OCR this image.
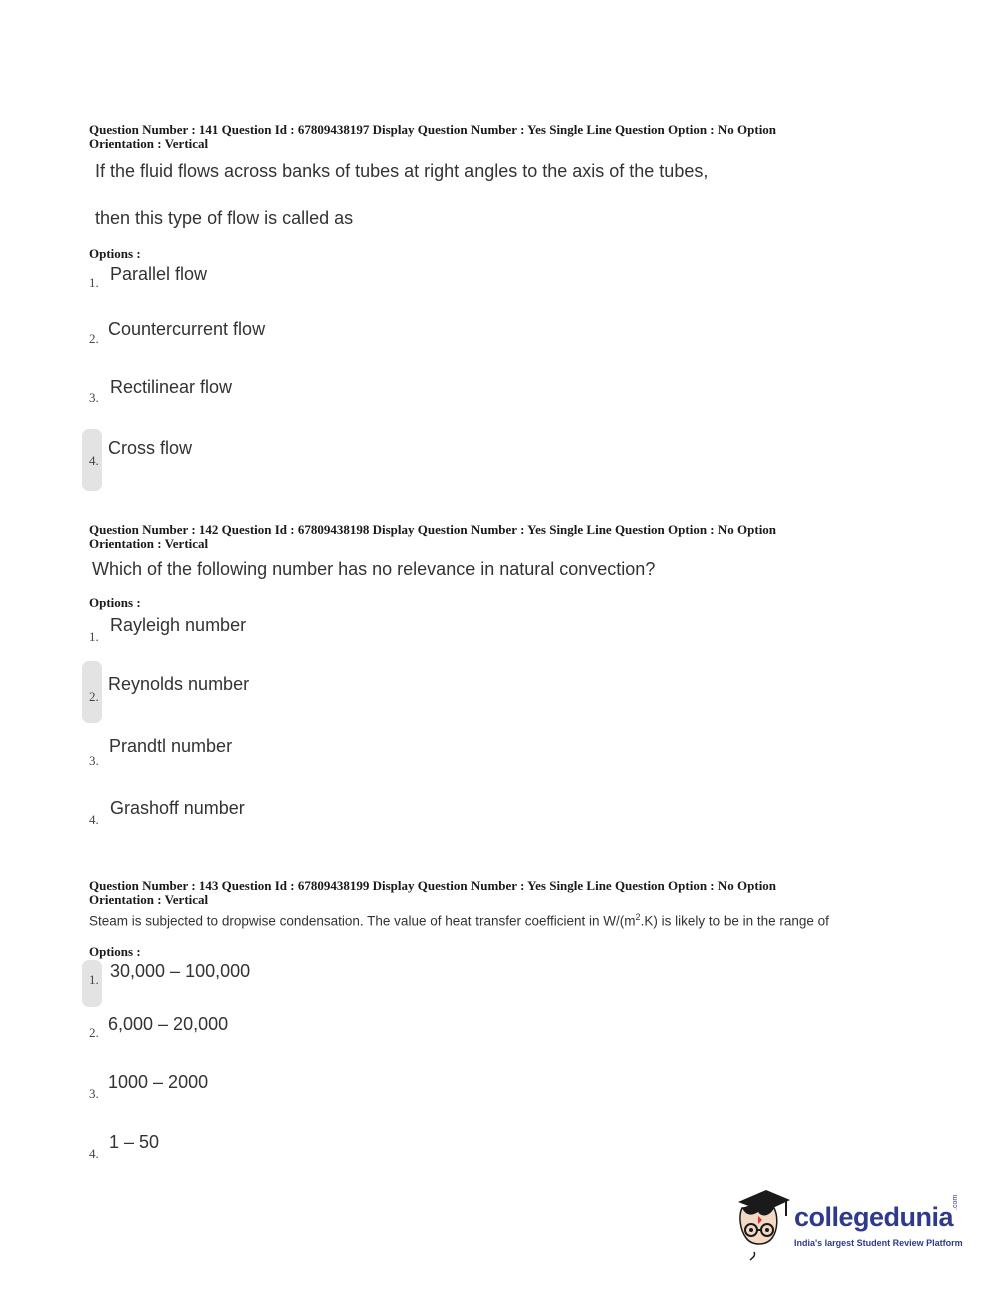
Question Number : 141 Question Id : 67809438197 Display Question Number : Yes Single Line Question Option : No Option
Orientation : Vertical
If the fluid flows across banks of tubes at right angles to the axis of the tubes,
then this type of flow is called as
Options :
1. Parallel flow
2. Countercurrent flow
3.
Rectilinear flow
4.
Cross flow
Question Number : 142 Question Id : 67809438198 Display Question Number : Yes Single Line Question Option : No Option
Orientation : Vertical
Which of the following number has no relevance in natural convection?
Options :
1.
Rayleigh number
2.
Reynolds number
3.
Prandtl number
4.
Grashoff number
Question Number : 143 Question Id : 67809438199 Display Question Number : Yes Single Line Question Option : No Option
Orientation : Vertical
Steam is subjected to dropwise condensation. The value of heat transfer coefficient in $W/(m^2.K)$ is likely to be in the range of
Options :
1. 30,000 – 100,000
2. 6,000 – 20,000
3.
1000 – 2000
4.
1 – 50
collegedunia
.com
India's largest Student Review Platform
